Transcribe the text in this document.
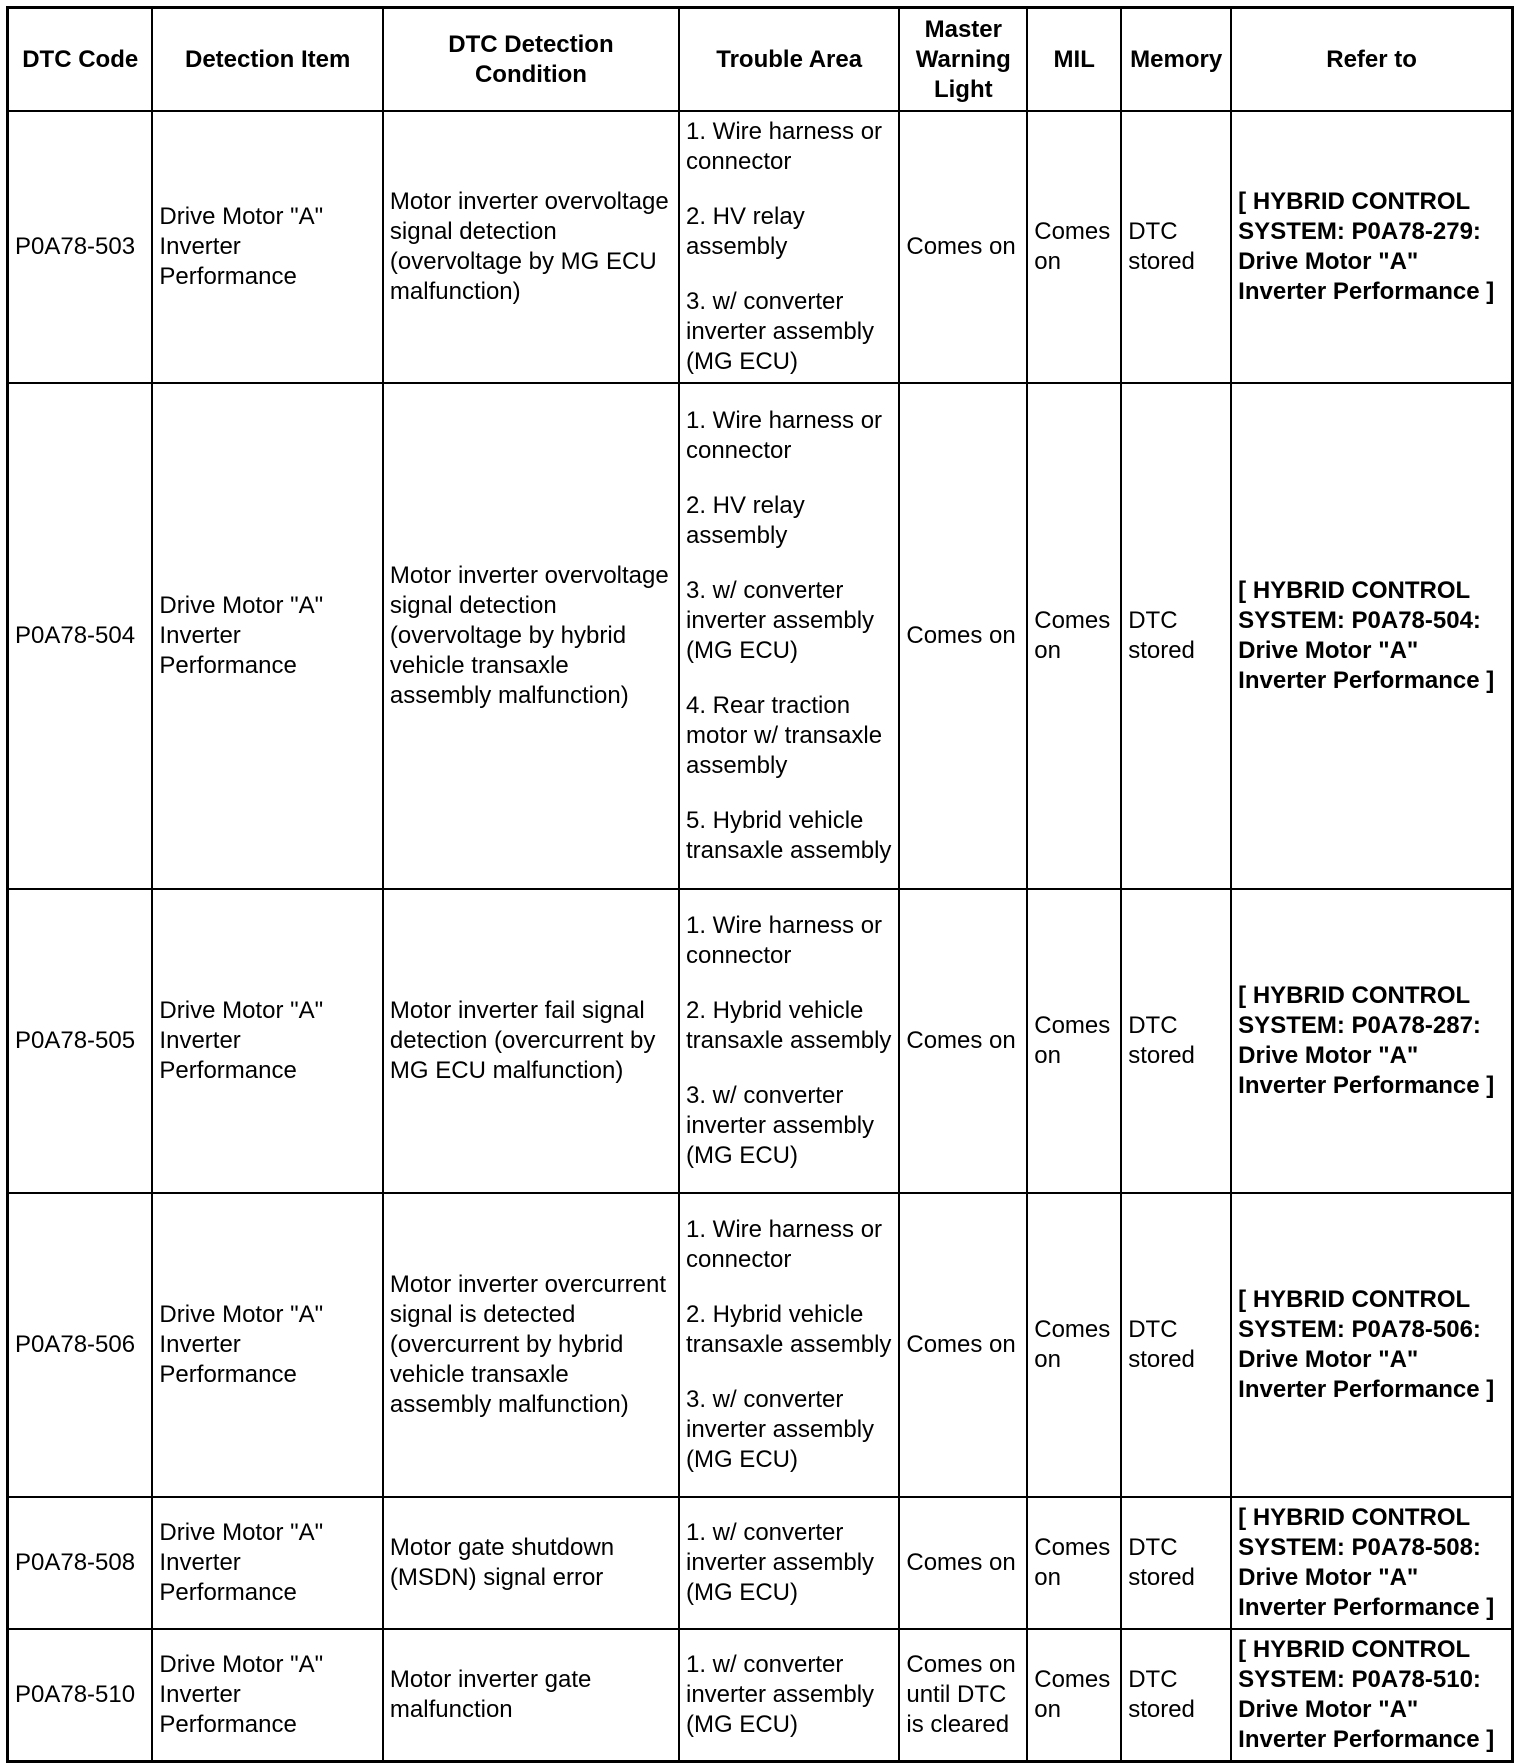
DTC Code	Detection Item	DTC Detection Condition	Trouble Area	Master Warning Light	MIL	Memory	Refer to
P0A78-503	Drive Motor "A" Inverter Performance	Motor inverter overvoltage signal detection (overvoltage by MG ECU malfunction)	1. Wire harness or connector

2. HV relay assembly

3. w/ converter inverter assembly (MG ECU)	Comes on	Comes on	DTC stored	[ HYBRID CONTROL SYSTEM: P0A78-279: Drive Motor "A" Inverter Performance ]
P0A78-504	Drive Motor "A" Inverter Performance	Motor inverter overvoltage signal detection (overvoltage by hybrid vehicle transaxle assembly malfunction)	1. Wire harness or connector

2. HV relay assembly

3. w/ converter inverter assembly (MG ECU)

4. Rear traction motor w/ transaxle assembly

5. Hybrid vehicle transaxle assembly	Comes on	Comes on	DTC stored	[ HYBRID CONTROL SYSTEM: P0A78-504: Drive Motor "A" Inverter Performance ]
P0A78-505	Drive Motor "A" Inverter Performance	Motor inverter fail signal detection (overcurrent by MG ECU malfunction)	1. Wire harness or connector

2. Hybrid vehicle transaxle assembly

3. w/ converter inverter assembly (MG ECU)	Comes on	Comes on	DTC stored	[ HYBRID CONTROL SYSTEM: P0A78-287: Drive Motor "A" Inverter Performance ]
P0A78-506	Drive Motor "A" Inverter Performance	Motor inverter overcurrent signal is detected (overcurrent by hybrid vehicle transaxle assembly malfunction)	1. Wire harness or connector

2. Hybrid vehicle transaxle assembly

3. w/ converter inverter assembly (MG ECU)	Comes on	Comes on	DTC stored	[ HYBRID CONTROL SYSTEM: P0A78-506: Drive Motor "A" Inverter Performance ]
P0A78-508	Drive Motor "A" Inverter Performance	Motor gate shutdown (MSDN) signal error	1. w/ converter inverter assembly (MG ECU)	Comes on	Comes on	DTC stored	[ HYBRID CONTROL SYSTEM: P0A78-508: Drive Motor "A" Inverter Performance ]
P0A78-510	Drive Motor "A" Inverter Performance	Motor inverter gate malfunction	1. w/ converter inverter assembly (MG ECU)	Comes on until DTC is cleared	Comes on	DTC stored	[ HYBRID CONTROL SYSTEM: P0A78-510: Drive Motor "A" Inverter Performance ]
